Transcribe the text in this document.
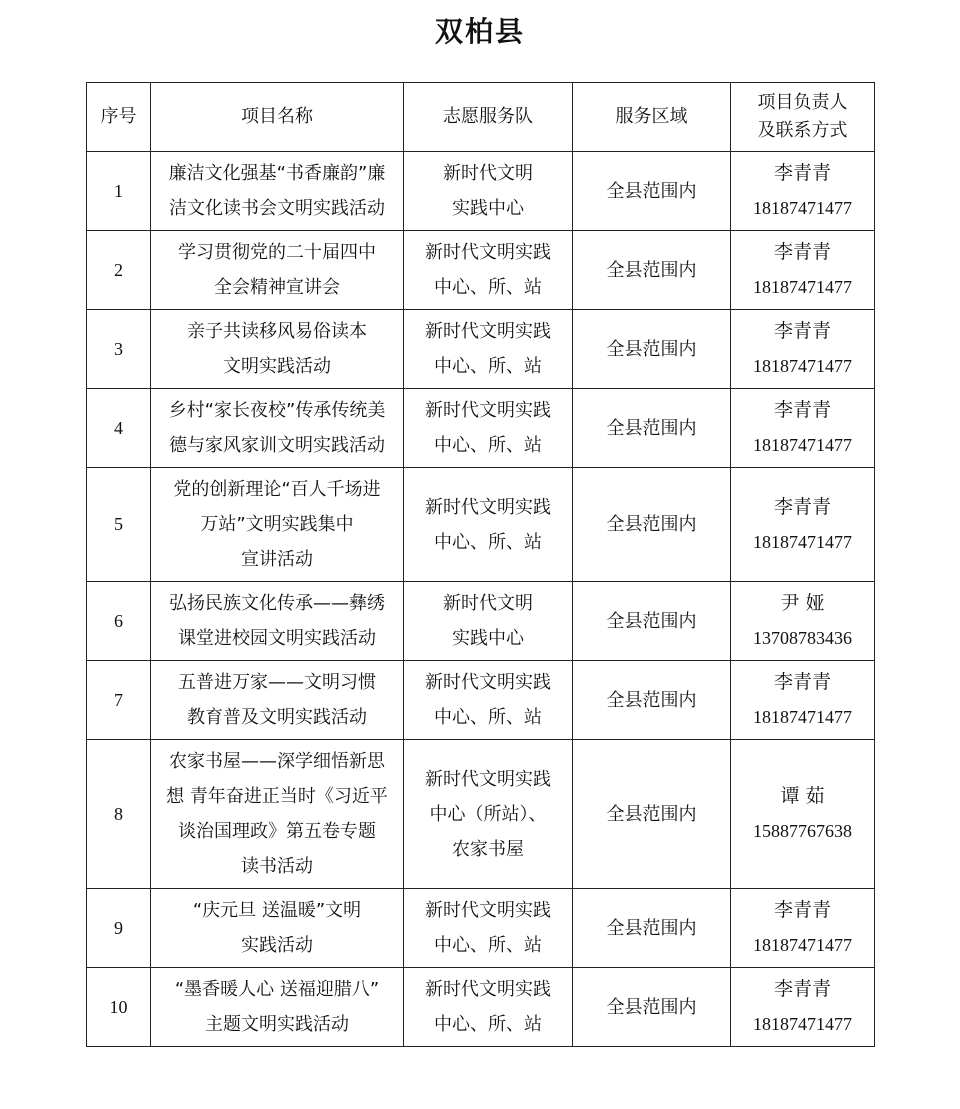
双柏县
序号	项目名称	志愿服务队	服务区域	项目负责人
及联系方式
1	廉洁文化强基“书香廉韵”廉
洁文化读书会文明实践活动	新时代文明
实践中心	全县范围内	李青青
18187471477

2	学习贯彻党的二十届四中
全会精神宣讲会	新时代文明实践
中心、所、站	全县范围内	李青青
18187471477

3	亲子共读移风易俗读本
文明实践活动	新时代文明实践
中心、所、站	全县范围内	李青青
18187471477

4	乡村“家长夜校”传承传统美
德与家风家训文明实践活动	新时代文明实践
中心、所、站	全县范围内	李青青
18187471477

5	党的创新理论“百人千场进
万站”文明实践集中
宣讲活动	新时代文明实践
中心、所、站	全县范围内	李青青
18187471477

6	弘扬民族文化传承——彝绣
课堂进校园文明实践活动	新时代文明
实践中心	全县范围内	尹 娅
13708783436

7	五普进万家——文明习惯
教育普及文明实践活动	新时代文明实践
中心、所、站	全县范围内	李青青
18187471477

8	农家书屋——深学细悟新思
想 青年奋进正当时《习近平
谈治国理政》第五卷专题
读书活动	新时代文明实践
中心（所站）、
农家书屋	全县范围内	谭 茹
15887767638

9	“庆元旦 送温暖”文明
实践活动	新时代文明实践
中心、所、站	全县范围内	李青青
18187471477

10	“墨香暖人心 送福迎腊八”
主题文明实践活动	新时代文明实践
中心、所、站	全县范围内	李青青
18187471477
